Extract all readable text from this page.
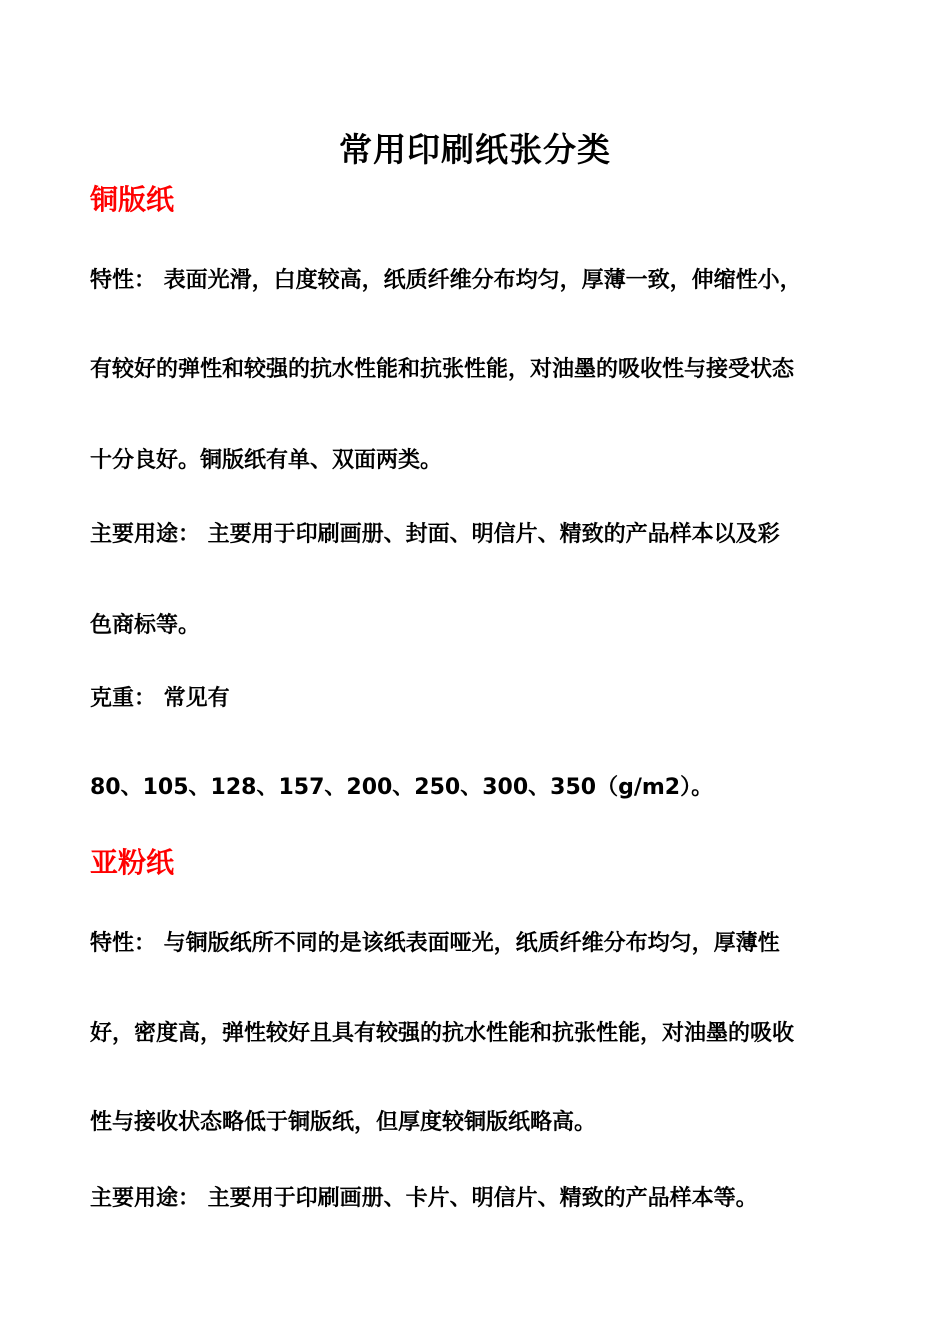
常用印刷纸张分类
铜版纸
特性： 表面光滑，白度较高，纸质纤维分布均匀，厚薄一致，伸缩性小，
有较好的弹性和较强的抗水性能和抗张性能，对油墨的吸收性与接受状态
十分良好。铜版纸有单、双面两类。
主要用途： 主要用于印刷画册、封面、明信片、精致的产品样本以及彩
色商标等。
克重： 常见有
80、105、128、157、200、250、300、350（g/m2）。
亚粉纸
特性： 与铜版纸所不同的是该纸表面哑光，纸质纤维分布均匀，厚薄性
好，密度高，弹性较好且具有较强的抗水性能和抗张性能，对油墨的吸收
性与接收状态略低于铜版纸，但厚度较铜版纸略高。
主要用途： 主要用于印刷画册、卡片、明信片、精致的产品样本等。
